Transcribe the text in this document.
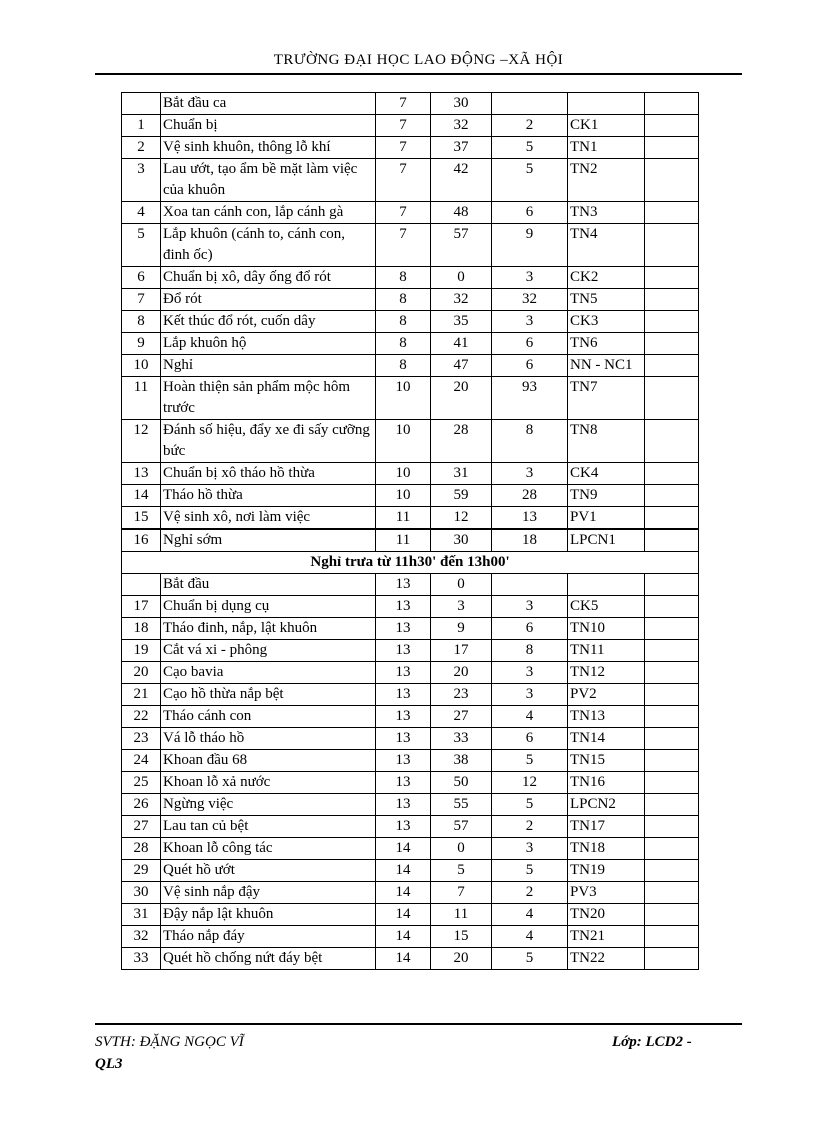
TRƯỜNG ĐẠI HỌC LAO ĐỘNG –XÃ HỘI
	Bắt đầu ca	7	30			
1	Chuẩn bị	7	32	2	CK1	
2	Vệ sinh khuôn, thông lỗ khí	7	37	5	TN1	
3	Lau ướt, tạo ẩm bề mặt làm việc của khuôn	7	42	5	TN2	
4	Xoa tan cánh con, lắp cánh gà	7	48	6	TN3	
5	Lắp khuôn (cánh to, cánh con, đinh ốc)	7	57	9	TN4	
6	Chuẩn bị xô, dây ống đổ rót	8	0	3	CK2	
7	Đổ rót	8	32	32	TN5	
8	Kết thúc đổ rót, cuốn dây	8	35	3	CK3	
9	Lắp khuôn hộ	8	41	6	TN6	
10	Nghỉ	8	47	6	NN - NC1	
11	Hoàn thiện sản phẩm mộc hôm trước	10	20	93	TN7	
12	Đánh số hiệu, đẩy xe đi sấy cưỡng bức	10	28	8	TN8	
13	Chuẩn bị xô tháo hồ thừa	10	31	3	CK4	
14	Tháo hồ thừa	10	59	28	TN9	
15	Vệ sinh xô, nơi làm việc	11	12	13	PV1	
16	Nghỉ sớm	11	30	18	LPCN1	
Nghỉ trưa từ 11h30' đến 13h00'						
	Bắt đầu	13	0			
17	Chuẩn bị dụng cụ	13	3	3	CK5	
18	Tháo đinh, nắp, lật khuôn	13	9	6	TN10	
19	Cắt vá xi - phông	13	17	8	TN11	
20	Cạo bavia	13	20	3	TN12	
21	Cạo hồ thừa nắp bệt	13	23	3	PV2	
22	Tháo cánh con	13	27	4	TN13	
23	Vá lỗ tháo hồ	13	33	6	TN14	
24	Khoan đầu 68	13	38	5	TN15	
25	Khoan lỗ xả nước	13	50	12	TN16	
26	Ngừng việc	13	55	5	LPCN2	
27	Lau tan củ bệt	13	57	2	TN17	
28	Khoan lỗ công tác	14	0	3	TN18	
29	Quét hồ ướt	14	5	5	TN19	
30	Vệ sinh nắp đậy	14	7	2	PV3	
31	Đậy nắp lật khuôn	14	11	4	TN20	
32	Tháo nắp đáy	14	15	4	TN21	
33	Quét hồ chống nứt đáy bệt	14	20	5	TN22	
SVTH: ĐẶNG NGỌC VĨ
QL3
Lớp: LCD2 -
